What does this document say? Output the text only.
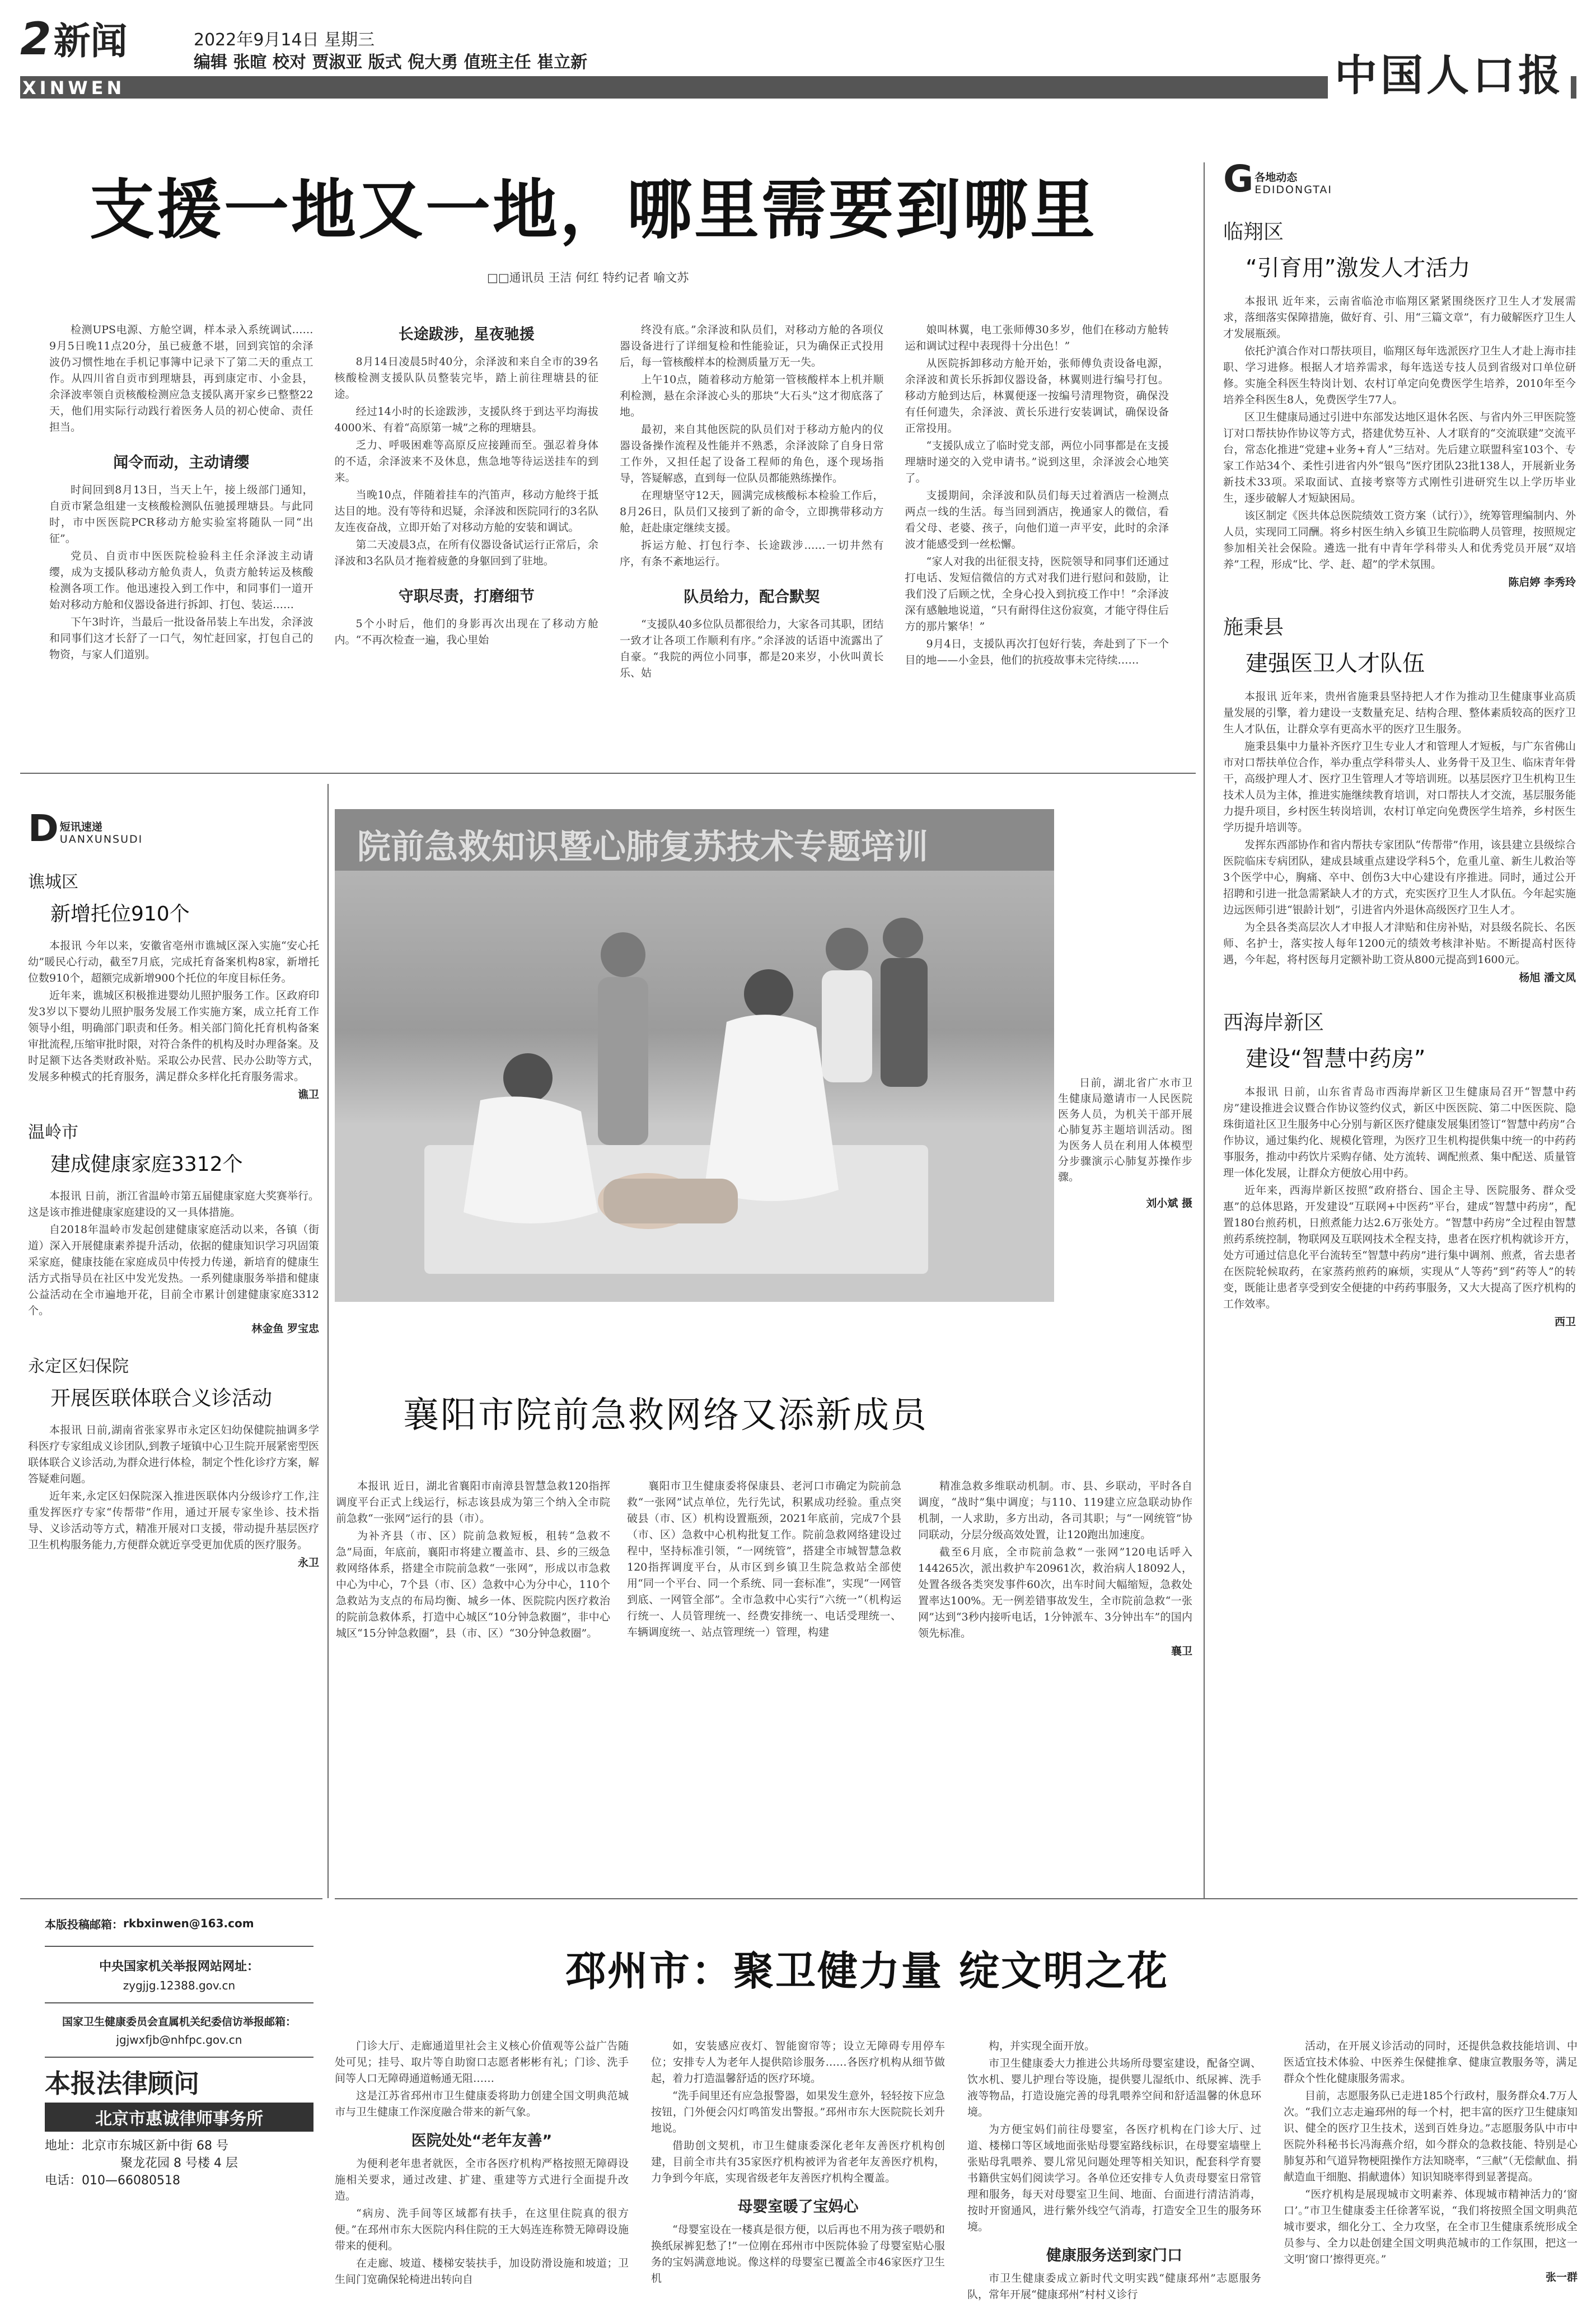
2 新闻	2022年9月14日 星期三
编辑 张暄 校对 贾淑亚 版式 倪大勇 值班主任 崔立新
XINWEN	中国人口报
支援一地又一地，哪里需要到哪里
□□通讯员 王洁 何红 特约记者 喻文苏

检测UPS电源、方舱空调，样本录入系统调试……9月5日晚11点20分，虽已疲惫不堪，回到宾馆的余泽波仍习惯性地在手机记事簿中记录下了第二天的重点工作。从四川省自贡市到理塘县，再到康定市、小金县，余泽波率领自贡核酸检测应急支援队离开家乡已整整22天，他们用实际行动践行着医务人员的初心使命、责任担当。

闻令而动，主动请缨

时间回到8月13日，当天上午，接上级部门通知，自贡市紧急组建一支核酸检测队伍驰援理塘县。与此同时，市中医医院PCR移动方舱实验室将随队一同“出征”。

党员、自贡市中医医院检验科主任余泽波主动请缨，成为支援队移动方舱负责人，负责方舱转运及核酸检测各项工作。他迅速投入到工作中，和同事们一道开始对移动方舱和仪器设备进行拆卸、打包、装运……

下午3时许，当最后一批设备吊装上车出发，余泽波和同事们这才长舒了一口气，匆忙赶回家，打包自己的物资，与家人们道别。

长途跋涉，星夜驰援

8月14日凌晨5时40分，余泽波和来自全市的39名核酸检测支援队队员整装完毕，踏上前往理塘县的征途。

经过14小时的长途跋涉，支援队终于到达平均海拔4000米、有着“高原第一城”之称的理塘县。

乏力、呼吸困难等高原反应接踵而至。强忍着身体的不适，余泽波来不及休息，焦急地等待运送挂车的到来。

当晚10点，伴随着挂车的汽笛声，移动方舱终于抵达目的地。没有等待和迟疑，余泽波和医院同行的3名队友连夜奋战，立即开始了对移动方舱的安装和调试。

第二天凌晨3点，在所有仪器设备试运行正常后，余泽波和3名队员才拖着疲惫的身躯回到了驻地。

守职尽责，打磨细节

5个小时后，他们的身影再次出现在了移动方舱内。“不再次检查一遍，我心里始

终没有底。”余泽波和队员们，对移动方舱的各项仪器设备进行了详细复检和性能验证，只为确保正式投用后，每一管核酸样本的检测质量万无一失。

上午10点，随着移动方舱第一管核酸样本上机并顺利检测，悬在余泽波心头的那块“大石头”这才彻底落了地。

最初，来自其他医院的队员们对于移动方舱内的仪器设备操作流程及性能并不熟悉，余泽波除了自身日常工作外，又担任起了设备工程师的角色，逐个现场指导，答疑解惑，直到每一位队员都能熟练操作。

在理塘坚守12天，圆满完成核酸标本检验工作后，8月26日，队员们又接到了新的命令，立即携带移动方舱，赶赴康定继续支援。

拆运方舱、打包行李、长途跋涉……一切井然有序，有条不紊地运行。

队员给力，配合默契

“支援队40多位队员都很给力，大家各司其职，团结一致才让各项工作顺利有序。”余泽波的话语中流露出了自豪。“我院的两位小同事，都是20来岁，小伙叫黄长乐、姑

娘叫林翼，电工张师傅30多岁，他们在移动方舱转运和调试过程中表现得十分出色！”

从医院拆卸移动方舱开始，张师傅负责设备电源，余泽波和黄长乐拆卸仪器设备，林翼则进行编号打包。移动方舱到达后，林翼便逐一按编号清理物资，确保没有任何遗失，余泽波、黄长乐进行安装调试，确保设备正常投用。

“支援队成立了临时党支部，两位小同事都是在支援理塘时递交的入党申请书。”说到这里，余泽波会心地笑了。

支援期间，余泽波和队员们每天过着酒店一检测点两点一线的生活。每当回到酒店，挽通家人的微信，看看父母、老婆、孩子，向他们道一声平安，此时的余泽波才能感受到一丝松懈。

“家人对我的出征很支持，医院领导和同事们还通过打电话、发短信微信的方式对我们进行慰问和鼓励，让我们没了后顾之忧，全身心投入到抗疫工作中！”余泽波深有感触地说道，“只有耐得住这份寂寞，才能守得住后方的那片繁华！”

9月4日，支援队再次打包好行装，奔赴到了下一个目的地——小金县，他们的抗疫故事未完待续……

G 各地动态
EDIDONGTAI
临翔区
“引育用”激发人才活力

本报讯 近年来，云南省临沧市临翔区紧紧围绕医疗卫生人才发展需求，落细落实保障措施，做好育、引、用“三篇文章”，有力破解医疗卫生人才发展瓶颈。

依托沪滇合作对口帮扶项目，临翔区每年选派医疗卫生人才赴上海市挂职、学习进修。根据人才培养需求，每年选送专技人员到省级对口单位研修。实施全科医生特岗计划、农村订单定向免费医学生培养，2010年至今培养全科医生8人，免费医学生77人。

区卫生健康局通过引进中东部发达地区退休名医、与省内外三甲医院签订对口帮扶协作协议等方式，搭建优势互补、人才联育的“交流联建”交流平台，常态化推进“党建+业务+育人”三结对。先后建立联盟科室103个、专家工作站34个、柔性引进省内外“银鸟”医疗团队23批138人，开展新业务新技术33项。采取面试、直接考察等方式刚性引进研究生以上学历毕业生，逐步破解人才短缺困局。

该区制定《医共体总医院绩效工资方案（试行）》，统筹管理编制内、外人员，实现同工同酬。将乡村医生纳入乡镇卫生院临聘人员管理，按照规定参加相关社会保险。遴选一批有中青年学科带头人和优秀党员开展“双培养”工程，形成“比、学、赶、超”的学术氛围。

陈启婷 李秀玲
施秉县
建强医卫人才队伍

本报讯 近年来，贵州省施秉县坚持把人才作为推动卫生健康事业高质量发展的引擎，着力建设一支数量充足、结构合理、整体素质较高的医疗卫生人才队伍，让群众享有更高水平的医疗卫生服务。

施秉县集中力量补齐医疗卫生专业人才和管理人才短板，与广东省佛山市对口帮扶单位合作，举办重点学科带头人、业务骨干及卫生、临床青年骨干，高级护理人才、医疗卫生管理人才等培训班。以基层医疗卫生机构卫生技术人员为主体，推进实施继续教育培训，对口帮扶人才交流，基层服务能力提升项目，乡村医生转岗培训，农村订单定向免费医学生培养，乡村医生学历提升培训等。

发挥东西部协作和省内帮扶专家团队“传帮带”作用，该县建立县级综合医院临床专病团队，建成县域重点建设学科5个，危重儿童、新生儿救治等3个医学中心，胸痛、卒中、创伤3大中心建设有序推进。同时，通过公开招聘和引进一批急需紧缺人才的方式，充实医疗卫生人才队伍。今年起实施边远医师引进“银龄计划”，引进省内外退休高级医疗卫生人才。

为全县各类高层次人才申报人才津贴和住房补贴，对县级名院长、名医师、名护士，落实按人每年1200元的绩效考核津补贴。不断提高村医待遇，今年起，将村医每月定额补助工资从800元提高到1600元。

杨旭 潘文凤
西海岸新区
建设“智慧中药房”

本报讯 日前，山东省青岛市西海岸新区卫生健康局召开“智慧中药房”建设推进会议暨合作协议签约仪式，新区中医医院、第二中医医院、隐珠街道社区卫生服务中心分别与新区医疗健康发展集团签订“智慧中药房”合作协议，通过集约化、规模化管理，为医疗卫生机构提供集中统一的中药药事服务，推动中药饮片采购存储、处方流转、调配煎煮、集中配送、质量管理一体化发展，让群众方便放心用中药。

近年来，西海岸新区按照“政府搭台、国企主导、医院服务、群众受惠”的总体思路，开发建设“互联网+中医药”平台，建成“智慧中药房”，配置180台煎药机，日煎煮能力达2.6万张处方。“智慧中药房”全过程由智慧煎药系统控制，物联网及互联网技术全程支持，患者在医疗机构就诊开方，处方可通过信息化平台流转至“智慧中药房”进行集中调剂、煎煮，省去患者在医院轮候取药，在家蒸药煎药的麻烦，实现从“人等药”到“药等人”的转变，既能让患者享受到安全便捷的中药药事服务，又大大提高了医疗机构的工作效率。

西卫
D 短讯速递
UANXUNSUDI
谯城区
新增托位910个

本报讯 今年以来，安徽省亳州市谯城区深入实施“安心托幼”暖民心行动，截至7月底，完成托育备案机构8家，新增托位数910个，超额完成新增900个托位的年度目标任务。

近年来，谯城区积极推进婴幼儿照护服务工作。区政府印发3岁以下婴幼儿照护服务发展工作实施方案，成立托育工作领导小组，明确部门职责和任务。相关部门简化托育机构备案审批流程,压缩审批时限，对符合条件的机构及时办理备案。及时足额下达各类财政补贴。采取公办民营、民办公助等方式，发展多种模式的托育服务，满足群众多样化托育服务需求。

谯卫
温岭市
建成健康家庭3312个

本报讯 日前，浙江省温岭市第五届健康家庭大奖赛举行。这是该市推进健康家庭建设的又一具体措施。

自2018年温岭市发起创建健康家庭活动以来，各镇（街道）深入开展健康素养提升活动，依据的健康知识学习巩固策采家庭，健康技能在家庭成员中传授力传递，新培育的健康生活方式指导员在社区中发光发热。一系列健康服务举措和健康公益活动在全市遍地开花，目前全市累计创建健康家庭3312个。

林金鱼 罗宝忠
永定区妇保院
开展医联体联合义诊活动

本报讯 日前,湖南省张家界市永定区妇幼保健院抽调多学科医疗专家组成义诊团队,到教子垭镇中心卫生院开展紧密型医联体联合义诊活动,为群众进行体检，制定个性化诊疗方案，解答疑难问题。

近年来,永定区妇保院深入推进医联体内分级诊疗工作,注重发挥医疗专家“传帮带”作用，通过开展专家坐诊、技术指导、义诊活动等方式，精准开展对口支援，带动提升基层医疗卫生机构服务能力,方便群众就近享受更加优质的医疗服务。

永卫
院前急救知识暨心肺复苏技术专题培训
日前，湖北省广水市卫生健康局邀请市一人民医院医务人员，为机关干部开展心肺复苏主题培训活动。图为医务人员在利用人体模型分步骤演示心肺复苏操作步骤。
刘小斌 摄
襄阳市院前急救网络又添新成员

本报讯 近日，湖北省襄阳市南漳县智慧急救120指挥调度平台正式上线运行，标志该县成为第三个纳入全市院前急救“一张网”运行的县（市）。

为补齐县（市、区）院前急救短板，租转“急救不急”局面，年底前，襄阳市将建立覆盖市、县、乡的三级急救网络体系，搭建全市院前急救“一张网”，形成以市急救中心为中心，7个县（市、区）急救中心为分中心，110个急救站为支点的布局均衡、城乡一体、医院院内医疗救治的院前急救体系，打造中心城区“10分钟急救圈”，非中心城区“15分钟急救圈”，县（市、区）“30分钟急救圈”。

襄阳市卫生健康委将保康县、老河口市确定为院前急救“一张网”试点单位，先行先试，积累成功经验。重点突破县（市、区）机构设置瓶颈，2021年底前，完成7个县（市、区）急救中心机构批复工作。院前急救网络建设过程中，坚持标准引领，“一网统管”，搭建全市城智慧急救120指挥调度平台，从市区到乡镇卫生院急救站全部使用“同一个平台、同一个系统、同一套标准”，实现“一网管到底、一网管全部”。全市急救中心实行“六统一”（机构运行统一、人员管理统一、经费安排统一、电话受理统一、车辆调度统一、站点管理统一）管理，构建

精准急救多维联动机制。市、县、乡联动，平时各自调度，“战时”集中调度；与110、119建立应急联动协作机制，一人求助，多方出动，各司其职；与“一网统管”协同联动，分层分级高效处置，让120跑出加速度。

截至6月底，全市院前急救“一张网”120电话呼入144265次，派出救护车20961次，救治病人18092人，处置各级各类突发事件60次，出车时间大幅缩短，急救处置率达100%。无一例差错事故发生，全市院前急救“一张网”达到“3秒内接听电话，1分钟派车、3分钟出车”的国内领先标准。

襄卫
邳州市：聚卫健力量 绽文明之花

门诊大厅、走廊通道里社会主义核心价值观等公益广告随处可见；挂号、取片等自助窗口志愿者彬彬有礼；门诊、洗手间等人口无障碍通道畅通无阻……

这是江苏省邳州市卫生健康委将助力创建全国文明典范城市与卫生健康工作深度融合带来的新气象。

医院处处“老年友善”

为便利老年患者就医，全市各医疗机构严格按照无障碍设施相关要求，通过改建、扩建、重建等方式进行全面提升改造。

“病房、洗手间等区域都有扶手，在这里住院真的很方便。”在邳州市东大医院内科住院的王大妈连连称赞无障碍设施带来的便利。

在走廊、坡道、楼梯安装扶手，加设防滑设施和坡道；卫生间门宽确保轮椅进出转向自

如，安装感应夜灯、智能窗帘等；设立无障碍专用停车位；安排专人为老年人提供陪诊服务……各医疗机构从细节做起，着力打造温馨舒适的医疗环境。

“洗手间里还有应急报警器，如果发生意外，轻轻按下应急按钮，门外便会闪灯鸣笛发出警报。”邳州市东大医院院长刘升地说。

借助创文契机，市卫生健康委深化老年友善医疗机构创建，目前全市共有35家医疗机构被评为省老年友善医疗机构，力争到今年底，实现省级老年友善医疗机构全覆盖。

母婴室暖了宝妈心

“母婴室设在一楼真是很方便，以后再也不用为孩子喂奶和换纸尿裤犯愁了!”一位刚在邳州市中医院体验了母婴室贴心服务的宝妈满意地说。像这样的母婴室已覆盖全市46家医疗卫生机

构，并实现全面开放。

市卫生健康委大力推进公共场所母婴室建设，配备空调、饮水机、婴儿护理台等设施，提供婴儿湿纸巾、纸尿裤、洗手液等物品，打造设施完善的母乳喂养空间和舒适温馨的休息环境。

为方便宝妈们前往母婴室，各医疗机构在门诊大厅、过道、楼梯口等区域地面张贴母婴室路线标识，在母婴室墙壁上张贴母乳喂养、婴儿常见问题处理等相关知识，配套科学育婴书籍供宝妈们阅读学习。各单位还安排专人负责母婴室日常管理和服务，每天对母婴室卫生间、地面、台面进行清洁消毒，按时开窗通风，进行紫外线空气消毒，打造安全卫生的服务环境。

健康服务送到家门口

市卫生健康委成立新时代文明实践“健康邳州”志愿服务队，常年开展“健康邳州”村村义诊行

活动，在开展义诊活动的同时，还提供急救技能培训、中医适宜技术体验、中医养生保健推拿、健康宣教服务等，满足群众个性化健康服务需求。

目前，志愿服务队已走进185个行政村，服务群众4.7万人次。“我们立志走遍邳州的每一个村，把丰富的医疗卫生健康知识、健全的医疗卫生技术，送到百姓身边。”志愿服务队中市中医院外科秘书长冯海燕介绍，如今群众的急救技能、特别是心肺复苏和气道异物梗阻操作方法知晓率，“三献”（无偿献血、捐献造血干细胞、捐献遗体）知识知晓率得到显著提高。

“医疗机构是展现城市文明素养、体现城市精神活力的‘窗口’。”市卫生健康委主任徐著军说，“我们将按照全国文明典范城市要求，细化分工、全力攻坚，在全市卫生健康系统形成全员参与、全力以赴创建全国文明典范城市的工作氛围，把这一文明‘窗口’擦得更亮。”

张一群
本版投稿邮箱： rkbxinwen@163.com
中央国家机关举报网站网址：
zygjjg.12388.gov.cn
国家卫生健康委员会直属机关纪委信访举报邮箱：
jgjwxfjb@nhfpc.gov.cn
本报法律顾问
北京市惠诚律师事务所
地址：北京市东城区新中街 68 号
聚龙花园 8 号楼 4 层
电话：010—66080518
